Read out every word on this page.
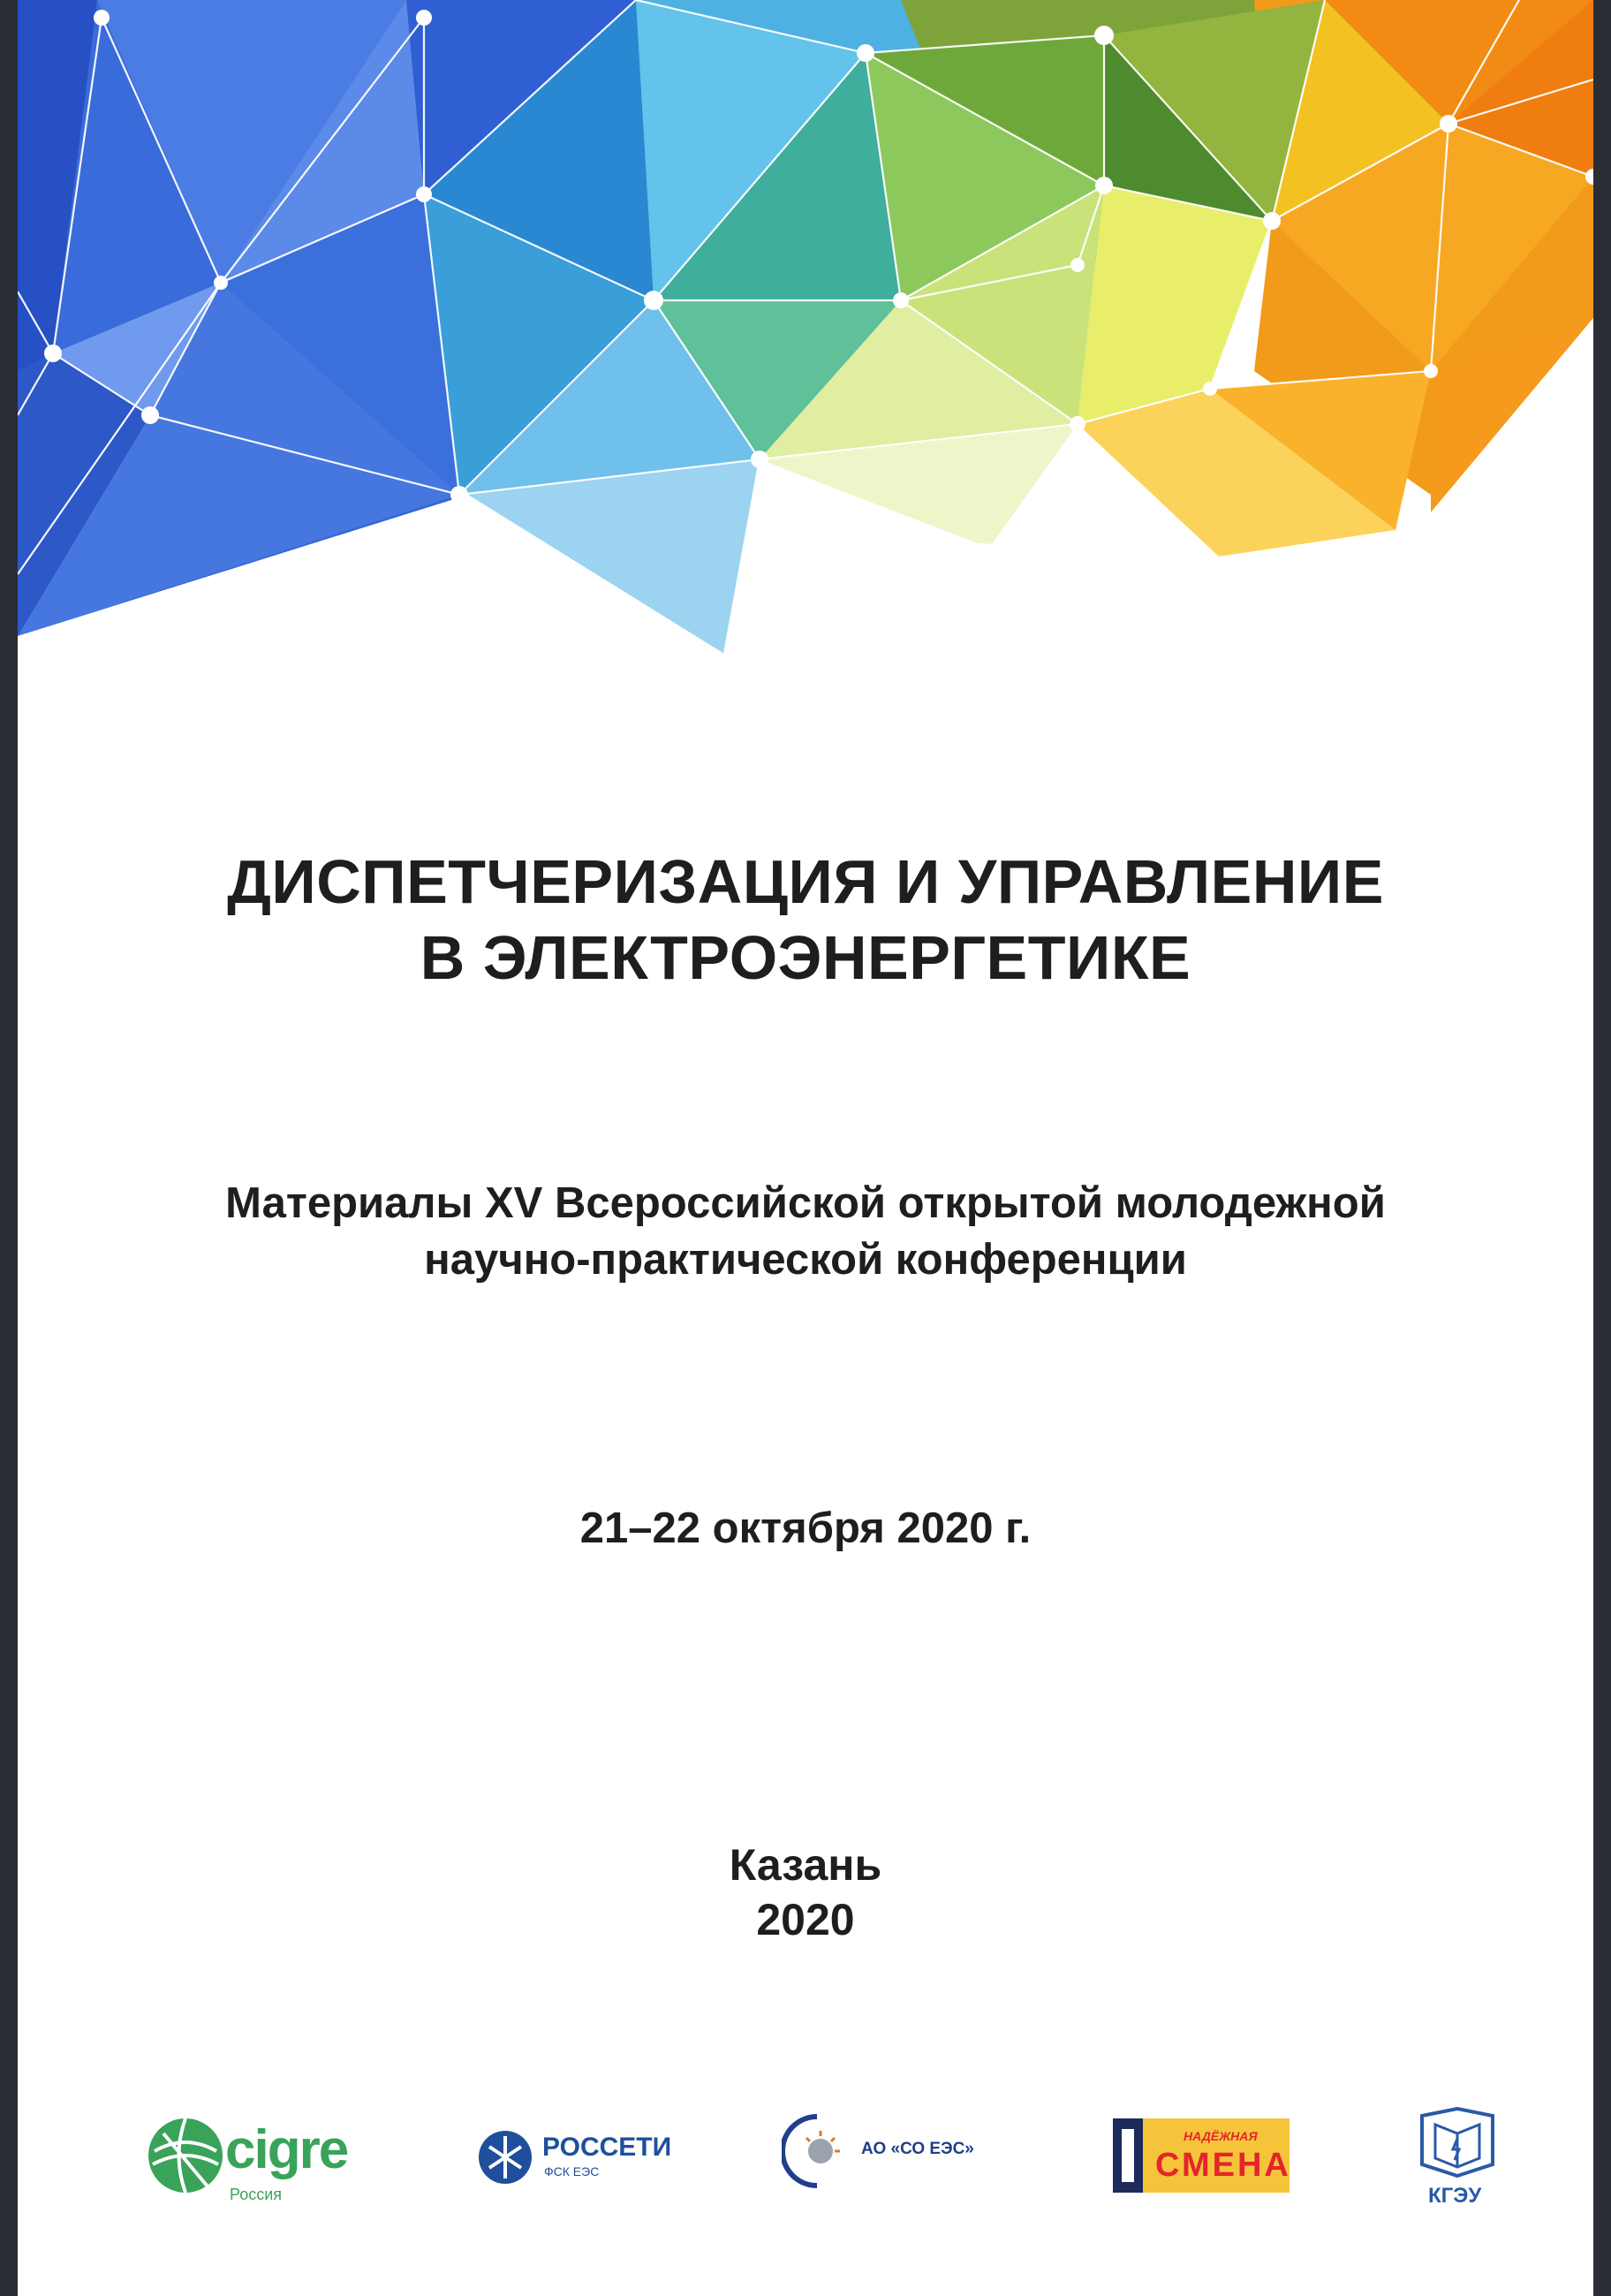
ДИСПЕТЧЕРИЗАЦИЯ И УПРАВЛЕНИЕ
В ЭЛЕКТРОЭНЕРГЕТИКЕ
Материалы XV Всероссийской открытой молодежной
научно-практической конференции
21–22 октября 2020 г.
Казань
2020
cigre
Россия
РОССЕТИ
ФСК ЕЭС
АО «СО ЕЭС»
НАДЁЖНАЯ
СМЕНА
КГЭУ
